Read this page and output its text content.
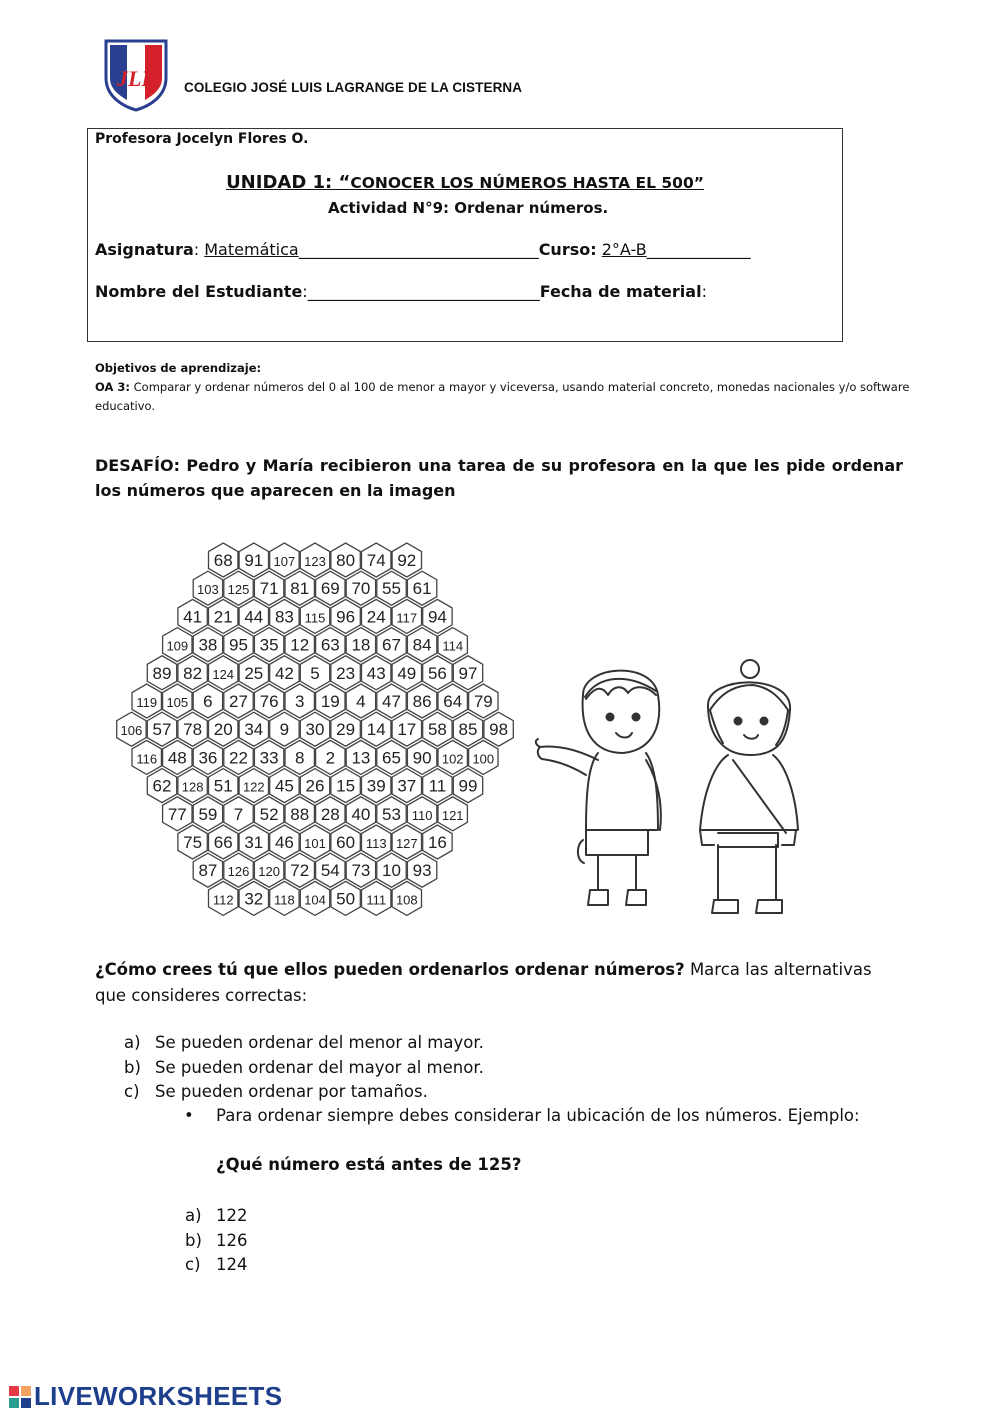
JLL COLEGIO JOSÉ LUIS LAGRANGE DE LA CISTERNA
Profesora Jocelyn Flores O.
UNIDAD 1: “CONOCER LOS NÚMEROS HASTA EL 500”
Actividad N°9: Ordenar números.
Asignatura: Matemática______________________________Curso: 2°A-B_____________
Nombre del Estudiante:_____________________________Fecha de material:
Objetivos de aprendizaje:
OA 3: Comparar y ordenar números del 0 al 100 de menor a mayor y viceversa, usando material concreto, monedas nacionales y/o software educativo.
DESAFÍO: Pedro y María recibieron una tarea de su profesora en la que les pide ordenar los números que aparecen en la imagen
68 91 107 123 80 74 92
103 125 71 81 69 70 55 61
41 21 44 83 115 96 24 117 94
109 38 95 35 12 63 18 67 84 114
89 82 124 25 42 5 23 43 49 56 97
119 105 6 27 76 3 19 4 47 86 64 79
106 57 78 20 34 9 30 29 14 17 58 85 98
116 48 36 22 33 8 2 13 65 90 102 100
62 128 51 122 45 26 15 39 37 11 99
77 59 7 52 88 28 40 53 110 121
75 66 31 46 101 60 113 127 16
87 126 120 72 54 73 10 93
112 32 118 104 50 111 108
¿Cómo crees tú que ellos pueden ordenarlos ordenar números? Marca las alternativas que consideres correctas:
a) Se pueden ordenar del menor al mayor.
b) Se pueden ordenar del mayor al menor.
c) Se pueden ordenar por tamaños.
•	Para ordenar siempre debes considerar la ubicación de los números. Ejemplo:
¿Qué número está antes de 125?
a) 122
b) 126
c) 124
LIVEWORKSHEETS
